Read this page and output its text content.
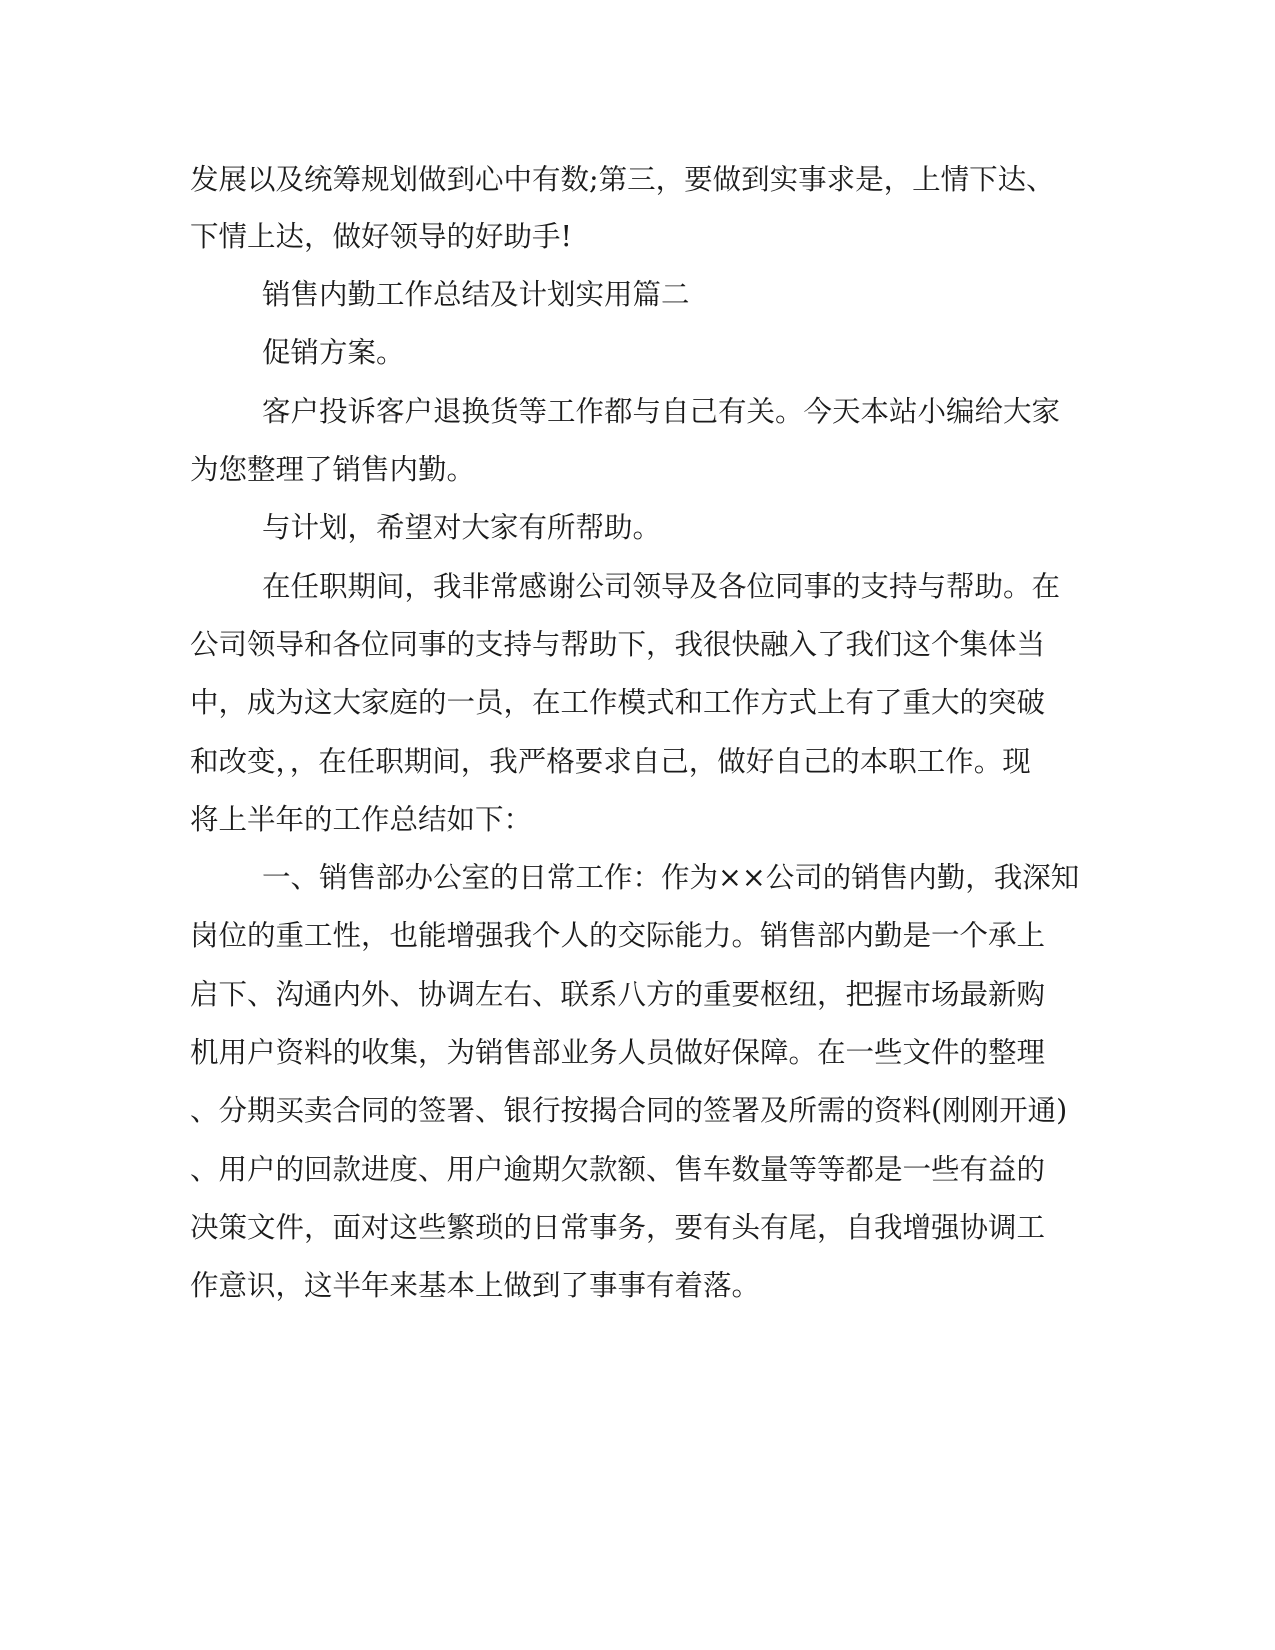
发展以及统筹规划做到心中有数;第三，要做到实事求是，上情下达、
下情上达，做好领导的好助手!
销售内勤工作总结及计划实用篇二
促销方案。
客户投诉客户退换货等工作都与自己有关。今天本站小编给大家
为您整理了销售内勤。
与计划，希望对大家有所帮助。
在任职期间，我非常感谢公司领导及各位同事的支持与帮助。在
公司领导和各位同事的支持与帮助下，我很快融入了我们这个集体当
中，成为这大家庭的一员，在工作模式和工作方式上有了重大的突破
和改变，，在任职期间，我严格要求自己，做好自己的本职工作。现
将上半年的工作总结如下：
一、销售部办公室的日常工作：作为××公司的销售内勤，我深知
岗位的重工性，也能增强我个人的交际能力。销售部内勤是一个承上
启下、沟通内外、协调左右、联系八方的重要枢纽，把握市场最新购
机用户资料的收集，为销售部业务人员做好保障。在一些文件的整理
、分期买卖合同的签署、银行按揭合同的签署及所需的资料(刚刚开通)
、用户的回款进度、用户逾期欠款额、售车数量等等都是一些有益的
决策文件，面对这些繁琐的日常事务，要有头有尾，自我增强协调工
作意识，这半年来基本上做到了事事有着落。
